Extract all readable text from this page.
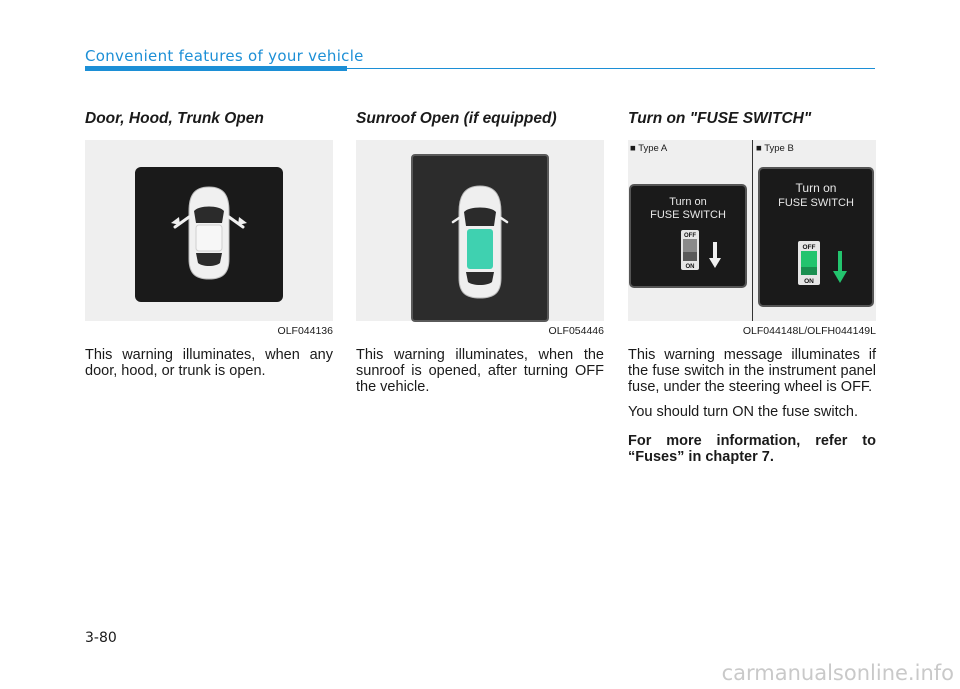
Convenient features of your vehicle
Door, Hood, Trunk Open
OLF044136

This warning illuminates, when any door, hood, or trunk is open.

Sunroof Open (if equipped)
OLF054446

This warning illuminates, when the sunroof is opened, after turning OFF the vehicle.

Turn on "FUSE SWITCH"
■ Type A	■ Type B
Turn on
FUSE SWITCH
OFF
ON
Turn on
FUSE SWITCH
OFF
ON
OLF044148L/OLFH044149L

This warning message illuminates if the fuse switch in the instrument panel fuse, under the steering wheel is OFF.

You should turn ON the fuse switch.

For more information, refer to “Fuses” in chapter 7.

3-80
carmanualsonline.info
